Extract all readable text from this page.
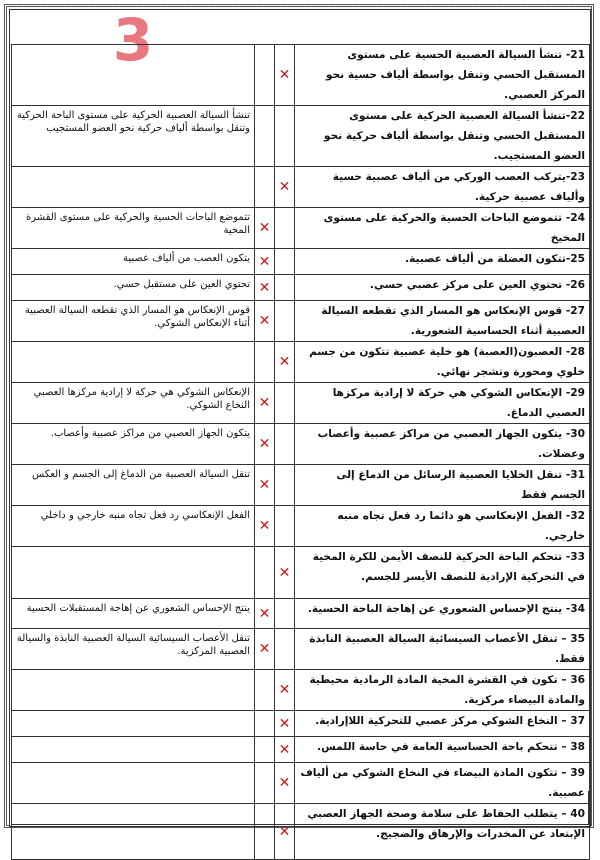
3
		✕	21- تنشأ السيالة العصبية الحسية على مستوى المستقبل الحسي وتنقل بواسطة ألياف حسية نحو المركز العصبي.
تنشأ السيالة العصبية الحركية على مستوى الباحة الحركية وتنقل بواسطة ألياف حركية نحو العضو المستجيب			22-تنشأ السيالة العصبية الحركية على مستوى المستقبل الحسي وتنقل بواسطة ألياف حركية نحو العضو المستجيب.
		✕	23-يتركب العصب الوركي من ألياف عصبية حسية وألياف عصبية حركية.
تتموضع الباحات الحسية والحركية على مستوى القشرة المخية	✕		24- تتموضع الباحات الحسية والحركية على مستوى المخيخ
يتكون العصب من ألياف عصبية	✕		25-تتكون العضلة من ألياف عصبية.
تحتوي العين على مستقبل حسي.	✕		26- تحتوي العين على مركز عصبي حسي.
قوس الإنعكاس هو المسار الذي تقطعه السيالة العصبية أثناء الإنعكاس الشوكي.	✕		27- قوس الإنعكاس هو المسار الذي تقطعه السيالة العصبية أثناء الحساسية الشعورية.
		✕	28- العصبون(العصبة) هو خلية عصبية تتكون من جسم خلوي ومحورة وتشجر نهائي.
الإنعكاس الشوكي هي حركة لا إرادية مركزها العصبي النخاع الشوكي.	✕		29- الإنعكاس الشوكي هي حركة لا إرادية مركزها العصبي الدماغ.
يتكون الجهاز العصبي من مراكز عصبية وأعصاب.	✕		30- يتكون الجهاز العصبي من مراكز عصبية وأعصاب وعضلات.
تنقل السيالة العصبية من الدماغ إلى الجسم و العكس	✕		31- تنقل الخلايا العصبية الرسائل من الدماغ إلى الجسم فقط
الفعل الإنعكاسي رد فعل تجاه منبه خارجي و داخلي	✕		32- الفعل الإنعكاسي هو دائما رد فعل تجاه منبه خارجي.
		✕	33- تتحكم الباحة الحركية للنصف الأيمن للكرة المخية في التحركية الإرادية للنصف الأيسر للجسم.
ينتج الإحساس الشعوري عن إهاجة المستقبلات الحسية	✕		34- ينتج الإحساس الشعوري عن إهاجة الباحة الحسية.
تنقل الأعصاب السيسائية السيالة العصبية النابذة والسيالة العصبية المركزية.	✕		35 – تنقل الأعصاب السيسائية السيالة العصبية النابذة فقط.
		✕	36 – تكون في القشرة المخية المادة الرمادية محيطية والمادة البيضاء مركزية.
		✕	37 – النخاع الشوكي مركز عصبي للتحركية اللاإرادية.
		✕	38 – تتحكم باحة الحساسية العامة في حاسة اللمس.
		✕	39 – تتكون المادة البيضاء في النخاع الشوكي من ألياف عصبية.
		✕	40 – يتطلب الحفاظ على سلامة وصحة الجهاز العصبي الإبتعاد عن المخدرات والإرهاق والضجيج.
